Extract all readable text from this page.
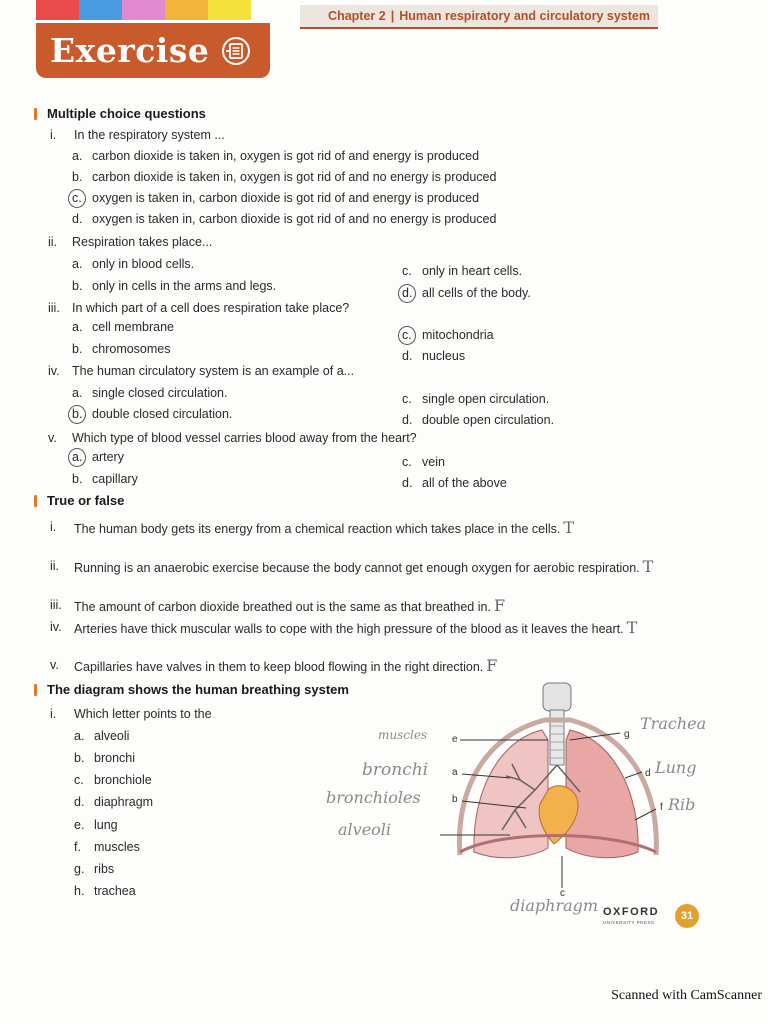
Chapter 2 | Human respiratory and circulatory system
Exercise
Multiple choice questions
i. In the respiratory system ...
a. carbon dioxide is taken in, oxygen is got rid of and energy is produced
b. carbon dioxide is taken in, oxygen is got rid of and no energy is produced
c. oxygen is taken in, carbon dioxide is got rid of and energy is produced
d. oxygen is taken in, carbon dioxide is got rid of and no energy is produced
ii. Respiration takes place...
a. only in blood cells.
b. only in cells in the arms and legs.
c. only in heart cells.
d. all cells of the body.
iii. In which part of a cell does respiration take place?
a. cell membrane
b. chromosomes
c. mitochondria
d. nucleus
iv. The human circulatory system is an example of a...
a. single closed circulation.
b. double closed circulation.
c. single open circulation.
d. double open circulation.
v. Which type of blood vessel carries blood away from the heart?
a. artery
b. capillary
c. vein
d. all of the above
True or false
i. The human body gets its energy from a chemical reaction which takes place in the cells. T
ii. Running is an anaerobic exercise because the body cannot get enough oxygen for aerobic respiration. T
iii. The amount of carbon dioxide breathed out is the same as that breathed in. F
iv. Arteries have thick muscular walls to cope with the high pressure of the blood as it leaves the heart. T
v. Capillaries have valves in them to keep blood flowing in the right direction. F
The diagram shows the human breathing system
i. Which letter points to the
a. alveoli
b. bronchi
c. bronchiole
d. diaphragm
e. lung
f. muscles
g. ribs
h. trachea
e
a
b
g
d
f
c
muscles
bronchi
bronchioles
alveoli
Trachea
Lung
Rib
diaphragm OXFORD
UNIVERSITY PRESS
31
Scanned with CamScanner
